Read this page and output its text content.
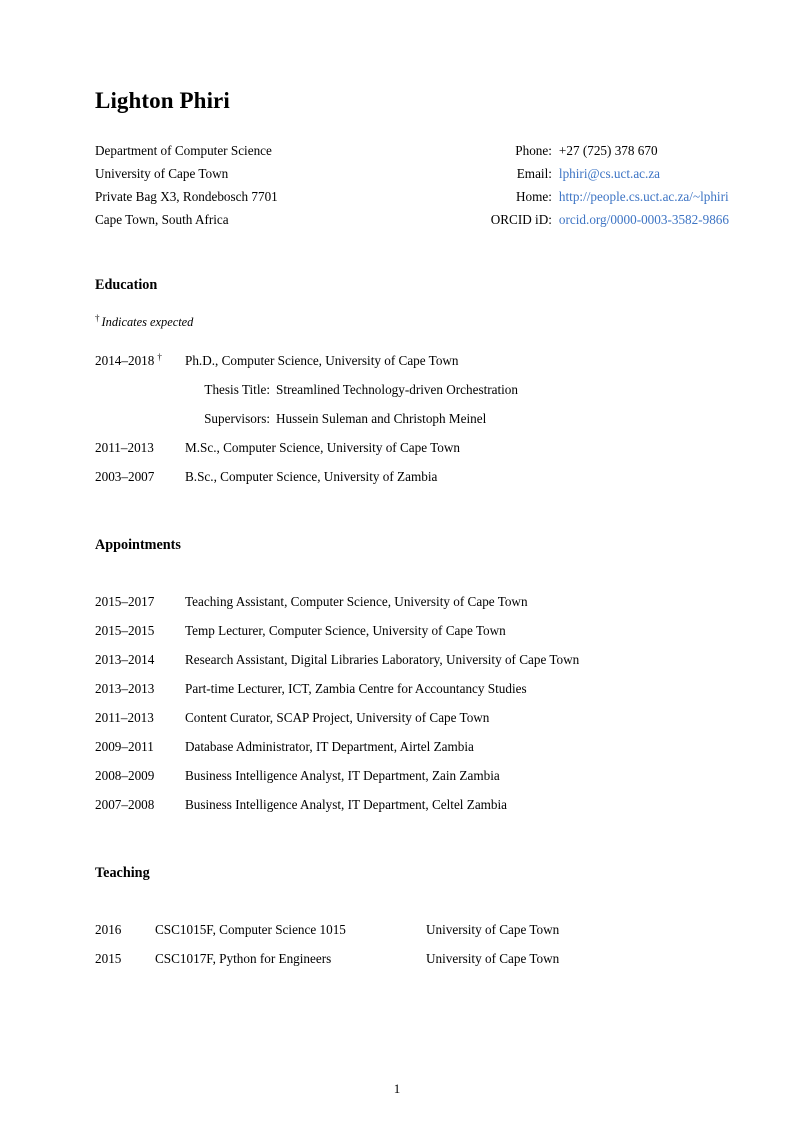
Lighton Phiri
Department of Computer Science
University of Cape Town
Private Bag X3, Rondebosch 7701
Cape Town, South Africa
Phone: +27 (725) 378 670
Email: lphiri@cs.uct.ac.za
Home: http://people.cs.uct.ac.za/~lphiri
ORCID iD: orcid.org/0000-0003-3582-9866
Education
† Indicates expected
2014–2018 †	Ph.D., Computer Science, University of Cape Town
Thesis Title: Streamlined Technology-driven Orchestration
Supervisors: Hussein Suleman and Christoph Meinel
2011–2013	M.Sc., Computer Science, University of Cape Town
2003–2007	B.Sc., Computer Science, University of Zambia
Appointments
2015–2017	Teaching Assistant, Computer Science, University of Cape Town
2015–2015	Temp Lecturer, Computer Science, University of Cape Town
2013–2014	Research Assistant, Digital Libraries Laboratory, University of Cape Town
2013–2013	Part-time Lecturer, ICT, Zambia Centre for Accountancy Studies
2011–2013	Content Curator, SCAP Project, University of Cape Town
2009–2011	Database Administrator, IT Department, Airtel Zambia
2008–2009	Business Intelligence Analyst, IT Department, Zain Zambia
2007–2008	Business Intelligence Analyst, IT Department, Celtel Zambia
Teaching
2016	CSC1015F, Computer Science 1015	University of Cape Town
2015	CSC1017F, Python for Engineers	University of Cape Town
1
